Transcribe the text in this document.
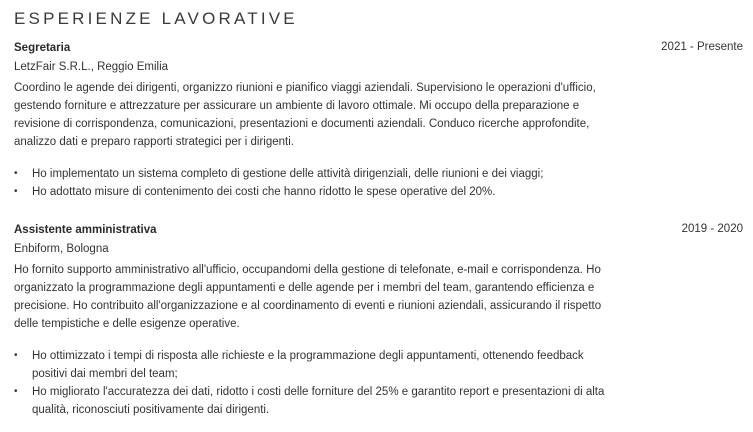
ESPERIENZE LAVORATIVE
Segretaria	2021 - Presente
LetzFair S.R.L., Reggio Emilia
Coordino le agende dei dirigenti, organizzo riunioni e pianifico viaggi aziendali. Supervisiono le operazioni d'ufficio, gestendo forniture e attrezzature per assicurare un ambiente di lavoro ottimale. Mi occupo della preparazione e revisione di corrispondenza, comunicazioni, presentazioni e documenti aziendali. Conduco ricerche approfondite, analizzo dati e preparo rapporti strategici per i dirigenti.
• Ho implementato un sistema completo di gestione delle attività dirigenziali, delle riunioni e dei viaggi;
• Ho adottato misure di contenimento dei costi che hanno ridotto le spese operative del 20%.
Assistente amministrativa	2019 - 2020
Enbiform, Bologna
Ho fornito supporto amministrativo all'ufficio, occupandomi della gestione di telefonate, e-mail e corrispondenza. Ho organizzato la programmazione degli appuntamenti e delle agende per i membri del team, garantendo efficienza e precisione. Ho contribuito all'organizzazione e al coordinamento di eventi e riunioni aziendali, assicurando il rispetto delle tempistiche e delle esigenze operative.
• Ho ottimizzato i tempi di risposta alle richieste e la programmazione degli appuntamenti, ottenendo feedback positivi dai membri del team;
• Ho migliorato l'accuratezza dei dati, ridotto i costi delle forniture del 25% e garantito report e presentazioni di alta qualità, riconosciuti positivamente dai dirigenti.
